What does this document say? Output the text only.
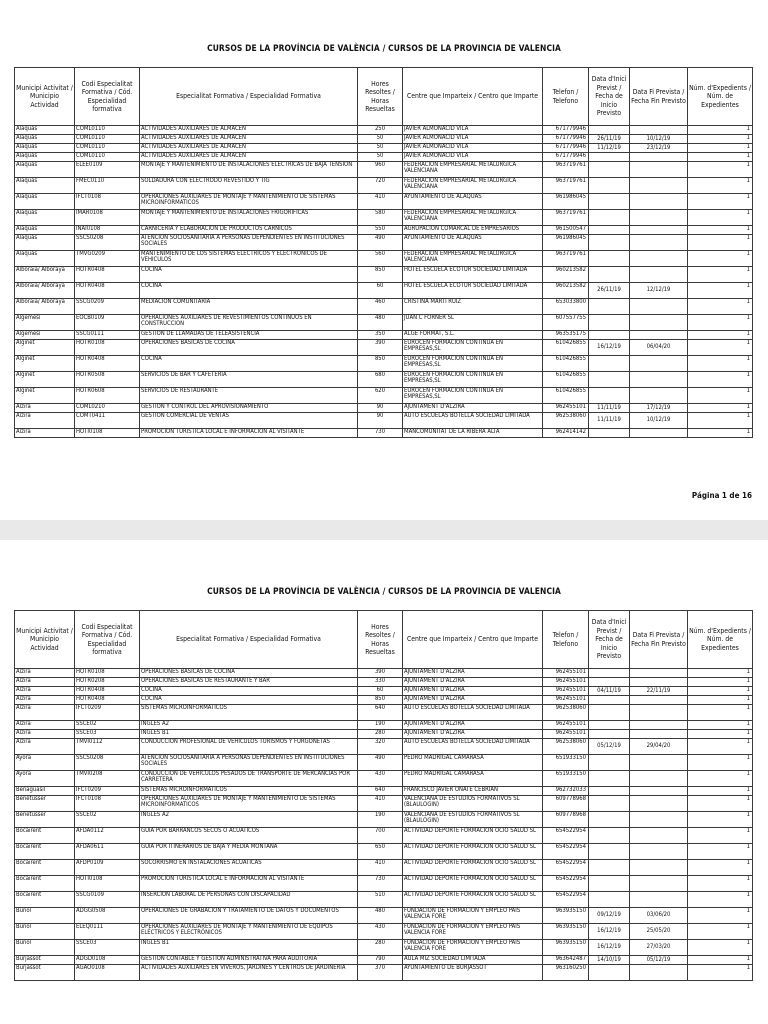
CURSOS DE LA PROVÍNCIA DE VALÈNCIA / CURSOS DE LA PROVINCIA DE VALENCIA
Municipi Activitat / Municipio Actividad	Codi Especialitat Formativa / Cód. Especialidad formativa	Especialitat Formativa / Especialidad Formativa	Hores Resoltes / Horas Resueltas	Centre que Imparteix / Centro que Imparte	Telefon / Telefono	Data d'Inici Previst / Fecha de Inicio Previsto	Data Fi Prevista / Fecha Fin Previsto	Núm. d'Expedients / Núm. de Expedientes
Alaquàs	COML0110	ACTIVIDADES AUXILIARES DE ALMACEN	250	JAVIER ALMONACID VILA	671779946			1
Alaquàs	COML0110	ACTIVIDADES AUXILIARES DE ALMACEN	50	JAVIER ALMONACID VILA	671779946	26/11/19	10/12/19	1
Alaquàs	COML0110	ACTIVIDADES AUXILIARES DE ALMACEN	50	JAVIER ALMONACID VILA	671779946	11/12/19	23/12/19	1
Alaquàs	COML0110	ACTIVIDADES AUXILIARES DE ALMACEN	50	JAVIER ALMONACID VILA	671779946			1
Alaquàs	ELEE0109	MONTAJE Y MANTENIMIENTO DE INSTALACIONES ELECTRICAS DE BAJA TENSION	960	FEDERACION EMPRESARIAL METALURGICA VALENCIANA	963719761			1
Alaquàs	FMEC0110	SOLDADURA CON ELECTRODO REVESTIDO Y TIG	720	FEDERACION EMPRESARIAL METALURGICA VALENCIANA	963719761			1
Alaquàs	IFCT0108	OPERACIONES AUXILIARES DE MONTAJE Y MANTENIMIENTO DE SISTEMAS MICROINFORMATICOS	410	AYUNTAMIENTO DE ALAQUAS	961986045			1
Alaquàs	IMAR0108	MONTAJE Y MANTENIMIENTO DE INSTALACIONES FRIGORIFICAS	580	FEDERACION EMPRESARIAL METALURGICA VALENCIANA	963719761			1
Alaquàs	INAI0108	CARNICERIA Y ELABORACION DE PRODUCTOS CARNICOS	550	AGRUPACION COMARCAL DE EMPRESARIOS	961500547			1
Alaquàs	SSCS0208	ATENCION SOCIOSANITARIA A PERSONAS DEPENDIENTES EN INSTITUCIONES SOCIALES	490	AYUNTAMIENTO DE ALAQUAS	961986045			1
Alaquàs	TMVG0209	MANTENIMIENTO DE LOS SISTEMAS ELECTRICOS Y ELECTRONICOS DE VEHICULOS	560	FEDERACION EMPRESARIAL METALURGICA VALENCIANA	963719761			1
Alboraia/ Alboraya	HOTR0408	COCINA	850	HOTEL ESCUELA ECOTUR SOCIEDAD LIMITADA	960213582			1
Alboraia/ Alboraya	HOTR0408	COCINA	60	HOTEL ESCUELA ECOTUR SOCIEDAD LIMITADA	960213582	26/11/19	12/12/19	1
Alboraia/ Alboraya	SSCG0209	MEDIACIÓN COMUNITARIA	460	CRISTINA MARTI RUIZ	653033800			1
Algemesí	EOCB0109	OPERACIONES AUXILIARES DE REVESTIMIENTOS CONTINUOS EN CONSTRUCCION	480	JUAN C FORNER SL	607557755			1
Algemesí	SSCG0111	GESTIÓN DE LLAMADAS DE TELEASISTENCIA	350	ALGE FORMAT, S.L.	963535175			1
Alginet	HOTR0108	OPERACIONES BASICAS DE COCINA	390	EUROCEN FORMACION CONTINUA EN EMPRESAS,SL	610426855	16/12/19	06/04/20	1
Alginet	HOTR0408	COCINA	850	EUROCEN FORMACION CONTINUA EN EMPRESAS,SL	610426855			1
Alginet	HOTR0508	SERVICIOS DE BAR Y CAFETERIA	680	EUROCEN FORMACION CONTINUA EN EMPRESAS,SL	610426855			1
Alginet	HOTR0608	SERVICIOS DE RESTAURANTE	620	EUROCEN FORMACION CONTINUA EN EMPRESAS,SL	610426855			1
Alzira	COML0210	GESTION Y CONTROL DEL APROVISIONAMIENTO	90	AJUNTAMENT D'ALZIRA	962455101	11/11/19	17/12/19	1
Alzira	COMT0411	GESTIÓN COMERCIAL DE VENTAS	90	AUTO ESCUELAS BOTELLA SOCIEDAD LIMITADA	962538060	11/11/19	10/12/19	1
Alzira	HOTI0108	PROMOCIÓN TURÍSTICA LOCAL E INFORMACIÓN AL VISITANTE	730	MANCOMUNITAT DE LA RIBERA ALTA	962414142			1
Página 1 de 16
CURSOS DE LA PROVÍNCIA DE VALÈNCIA / CURSOS DE LA PROVINCIA DE VALENCIA
Municipi Activitat / Municipio Actividad	Codi Especialitat Formativa / Cód. Especialidad formativa	Especialitat Formativa / Especialidad Formativa	Hores Resoltes / Horas Resueltas	Centre que Imparteix / Centro que Imparte	Telefon / Telefono	Data d'Inici Previst / Fecha de Inicio Previsto	Data Fi Prevista / Fecha Fin Previsto	Núm. d'Expedients / Núm. de Expedientes
Alzira	HOTR0108	OPERACIONES BASICAS DE COCINA	390	AJUNTAMENT D'ALZIRA	962455101			1
Alzira	HOTR0208	OPERACIONES BASICAS DE RESTAURANTE Y BAR	330	AJUNTAMENT D'ALZIRA	962455101			1
Alzira	HOTR0408	COCINA	60	AJUNTAMENT D'ALZIRA	962455101	04/11/19	22/11/19	1
Alzira	HOTR0408	COCINA	850	AJUNTAMENT D'ALZIRA	962455101			1
Alzira	IFCT0209	SISTEMAS MICROINFORMATICOS	640	AUTO ESCUELAS BOTELLA SOCIEDAD LIMITADA	962538060			1
Alzira	SSCE02	INGLÉS A2	190	AJUNTAMENT D'ALZIRA	962455101			1
Alzira	SSCE03	INGLES B1	280	AJUNTAMENT D'ALZIRA	962455101			1
Alzira	TMVI0112	CONDUCCIÓN PROFESIONAL DE VEHÍCULOS TURISMOS Y FURGONETAS	320	AUTO ESCUELAS BOTELLA SOCIEDAD LIMITADA	962538060	05/12/19	29/04/20	1
Ayora	SSCS0208	ATENCION SOCIOSANITARIA A PERSONAS DEPENDIENTES EN INSTITUCIONES SOCIALES	490	PEDRO MADRIGAL CAMARASA	651933150			1
Ayora	TMVI0208	CONDUCCIÓN DE VEHÍCULOS PESADOS DE TRANSPORTE DE MERCANCÍAS POR CARRETERA	430	PEDRO MADRIGAL CAMARASA	651933150			1
Benaguasil	IFCT0209	SISTEMAS MICROINFORMATICOS	640	FRANCISCO JAVIER OÑATE CEBRIAN	962732033			1
Benetússer	IFCT0108	OPERACIONES AUXILIARES DE MONTAJE Y MANTENIMIENTO DE SISTEMAS MICROINFORMATICOS	410	VALENCIANA DE ESTUDIOS FORMATIVOS SL (BLAULOGIN)	609778968			1
Benetússer	SSCE02	INGLÉS A2	190	VALENCIANA DE ESTUDIOS FORMATIVOS SL (BLAULOGIN)	609778968			1
Bocairent	AFDA0112	GUIA POR BARRANCOS SECOS O ACUÁTICOS	700	ACTIVIDAD DEPORTE FORMACION OCIO SALUD SL	654522954			1
Bocairent	AFDA0611	GUIA POR ITINERARIOS DE BAJA Y MEDIA MONTAÑA	650	ACTIVIDAD DEPORTE FORMACION OCIO SALUD SL	654522954			1
Bocairent	AFDP0109	SOCORRISMO EN INSTALACIONES ACUÁTICAS	410	ACTIVIDAD DEPORTE FORMACION OCIO SALUD SL	654522954			1
Bocairent	HOTI0108	PROMOCION TURISTICA LOCAL E INFORMACION AL VISITANTE	730	ACTIVIDAD DEPORTE FORMACION OCIO SALUD SL	654522954			1
Bocairent	SSCG0109	INSERCIÓN LABORAL DE PERSONAS CON DISCAPACIDAD	510	ACTIVIDAD DEPORTE FORMACION OCIO SALUD SL	654522954			1
Buñol	ADGG0508	OPERACIONES DE GRABACION Y TRATAMIENTO DE DATOS Y DOCUMENTOS	480	FUNDACION DE FORMACION Y EMPLEO PAIS VALENCIA FORE	963935150	09/12/19	03/06/20	1
Buñol	ELEQ0111	OPERACIONES AUXILIARES DE MONTAJE Y MANTENIMIENTO DE EQUIPOS ELÉCTRICOS Y ELECTRÓNICOS	430	FUNDACION DE FORMACION Y EMPLEO PAIS VALENCIA FORE	963935150	16/12/19	25/05/20	1
Buñol	SSCE03	INGLES B1	280	FUNDACION DE FORMACION Y EMPLEO PAIS VALENCIA FORE	963935150	16/12/19	27/03/20	1
Burjassot	ADGD0108	GESTIÓN CONTABLE Y GESTIÓN ADMINISTRATIVA PARA AUDITORIA	790	AULA MIZ SOCIEDAD LIMITADA	963642487	14/10/19	05/12/19	1
Burjassot	AGAO0108	ACTIVIDADES AUXILIARES EN VIVEROS, JARDINES Y CENTROS DE JARDINERÍA	370	AYUNTAMIENTO DE BURJASSOT	963160250			1
